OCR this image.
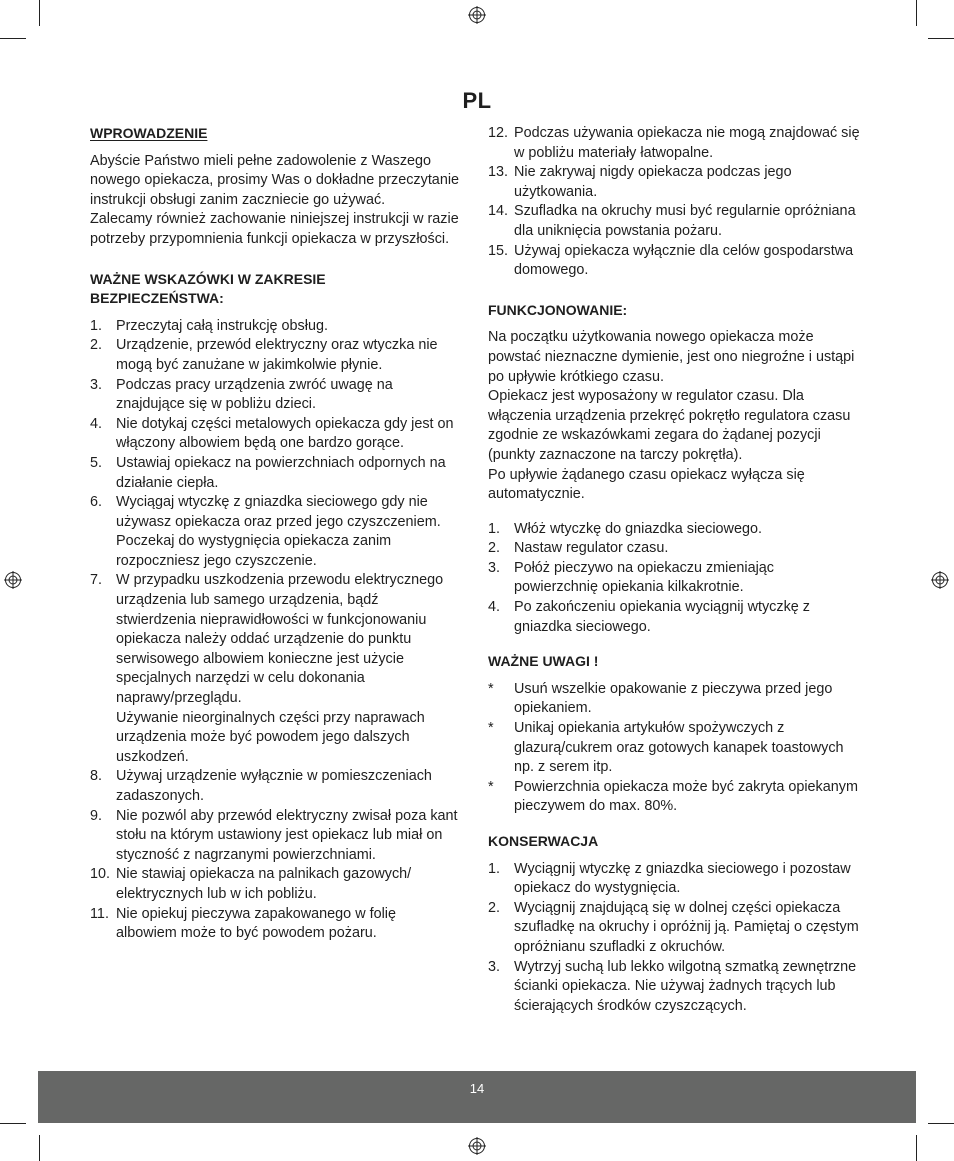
PL
WPROWADZENIE

Abyście Państwo mieli pełne zadowolenie z Waszego nowego opiekacza, prosimy Was o dokładne przeczytanie instrukcji obsługi zanim zaczniecie go używać.

Zalecamy również zachowanie niniejszej instrukcji w razie potrzeby przypomnienia funkcji opiekacza w przyszłości.

WAŻNE WSKAZÓWKI W ZAKRESIE
BEZPIECZEŃSTWA:
1. Przeczytaj całą instrukcję obsług.
2. Urządzenie, przewód elektryczny oraz wtyczka nie mogą być zanużane w jakimkolwie płynie.
3. Podczas pracy urządzenia zwróć uwagę na znajdujące się w pobliżu dzieci.
4. Nie dotykaj części metalowych opiekacza gdy jest on włączony albowiem będą one bardzo gorące.
5. Ustawiaj opiekacz na powierzchniach odpornych na działanie ciepła.
6. Wyciągaj wtyczkę z gniazdka sieciowego gdy nie używasz opiekacza oraz przed jego czyszczeniem. Poczekaj do wystygnięcia opiekacza zanim rozpoczniesz jego czyszczenie.
7. W przypadku uszkodzenia przewodu elektrycznego urządzenia lub samego urządzenia, bądź stwierdzenia nieprawidłowości w funkcjonowaniu opiekacza należy oddać urządzenie do punktu serwisowego albowiem konieczne jest użycie specjalnych narzędzi w celu dokonania naprawy/przeglądu.
Używanie nieorginalnych części przy naprawach urządzenia może być powodem jego dalszych uszkodzeń.
8. Używaj urządzenie wyłącznie w pomieszczeniach zadaszonych.
9. Nie pozwól aby przewód elektryczny zwisał poza kant stołu na którym ustawiony jest opiekacz lub miał on styczność z nagrzanymi powierzchniami.
10. Nie stawiaj opiekacza na palnikach gazowych/ elektrycznych lub w ich pobliżu.
11. Nie opiekuj pieczywa zapakowanego w folię albowiem może to być powodem pożaru.
12. Podczas używania opiekacza nie mogą znajdować się w pobliżu materiały łatwopalne.
13. Nie zakrywaj nigdy opiekacza podczas jego użytkowania.
14. Szufladka na okruchy musi być regularnie opróżniana dla uniknięcia powstania pożaru.
15. Używaj opiekacza wyłącznie dla celów gospodarstwa domowego.
FUNKCJONOWANIE:

Na początku użytkowania nowego opiekacza może powstać nieznaczne dymienie, jest ono niegroźne i ustąpi po upływie krótkiego czasu.

Opiekacz jest wyposażony w regulator czasu. Dla włączenia urządzenia przekręć pokrętło regulatora czasu zgodnie ze wskazówkami zegara do żądanej pozycji (punkty zaznaczone na tarczy pokrętła).

Po upływie żądanego czasu opiekacz wyłącza się automatycznie.

1. Włóż wtyczkę do gniazdka sieciowego.
2. Nastaw regulator czasu.
3. Połóż pieczywo na opiekaczu zmieniając powierzchnię opiekania kilkakrotnie.
4. Po zakończeniu opiekania wyciągnij wtyczkę z gniazdka sieciowego.
WAŻNE UWAGI !
*	Usuń wszelkie opakowanie z pieczywa przed jego opiekaniem.
*	Unikaj opiekania artykułów spożywczych z glazurą/cukrem oraz gotowych kanapek toastowych np. z serem itp.
*	Powierzchnia opiekacza może być zakryta opiekanym pieczywem do max. 80%.
KONSERWACJA
1. Wyciągnij wtyczkę z gniazdka sieciowego i pozostaw opiekacz do wystygnięcia.
2. Wyciągnij znajdującą się w dolnej części opiekacza szufladkę na okruchy i opróżnij ją. Pamiętaj o częstym opróżnianu szufladki z okruchów.
3. Wytrzyj suchą lub lekko wilgotną szmatką zewnętrzne ścianki opiekacza. Nie używaj żadnych trących lub ścierających środków czyszczących.
14
